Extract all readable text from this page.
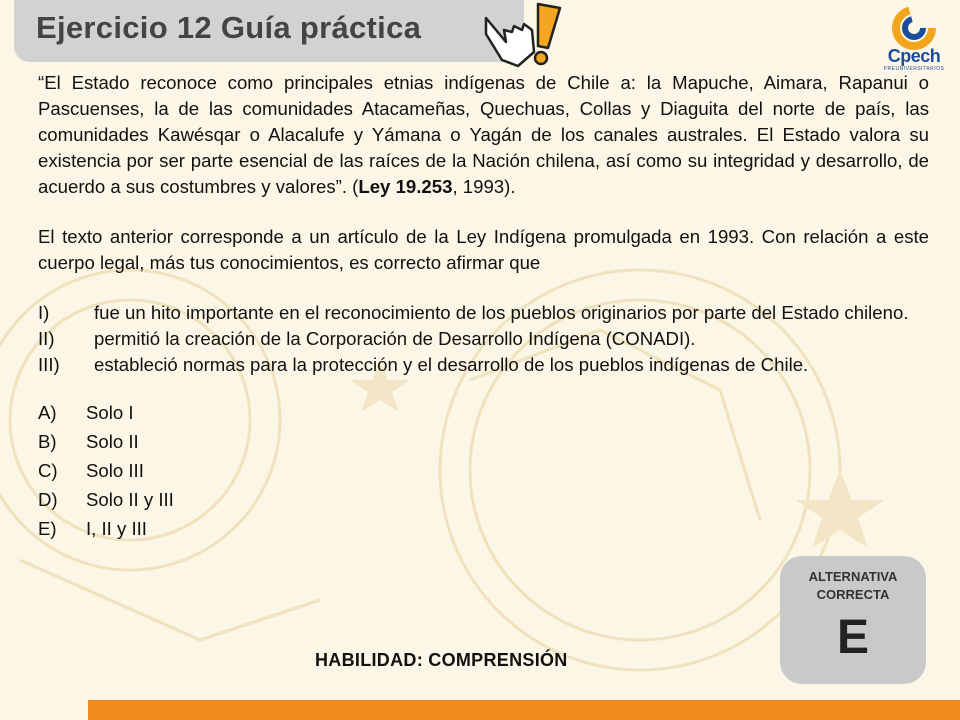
Ejercicio 12 Guía práctica
Cpech
PREUNIVERSITARIOS

“El Estado reconoce como principales etnias indígenas de Chile a: la Mapuche, Aimara, Rapanui o Pascuenses, la de las comunidades Atacameñas, Quechuas, Collas y Diaguita del norte de país, las comunidades Kawésqar o Alacalufe y Yámana o Yagán de los canales australes. El Estado valora su existencia por ser parte esencial de las raíces de la Nación chilena, así como su integridad y desarrollo, de acuerdo a sus costumbres y valores”. (Ley 19.253, 1993).

El texto anterior corresponde a un artículo de la Ley Indígena promulgada en 1993. Con relación a este cuerpo legal, más tus conocimientos, es correcto afirmar que

I)	fue un hito importante en el reconocimiento de los pueblos originarios por parte del Estado chileno.
II)	permitió la creación de la Corporación de Desarrollo Indígena (CONADI).
III)	estableció normas para la protección y el desarrollo de los pueblos indígenas de Chile.
A)	Solo I
B)	Solo II
C)	Solo III
D)	Solo II y III
E)	I, II y III
HABILIDAD: COMPRENSIÓN
ALTERNATIVA
CORRECTA
E
